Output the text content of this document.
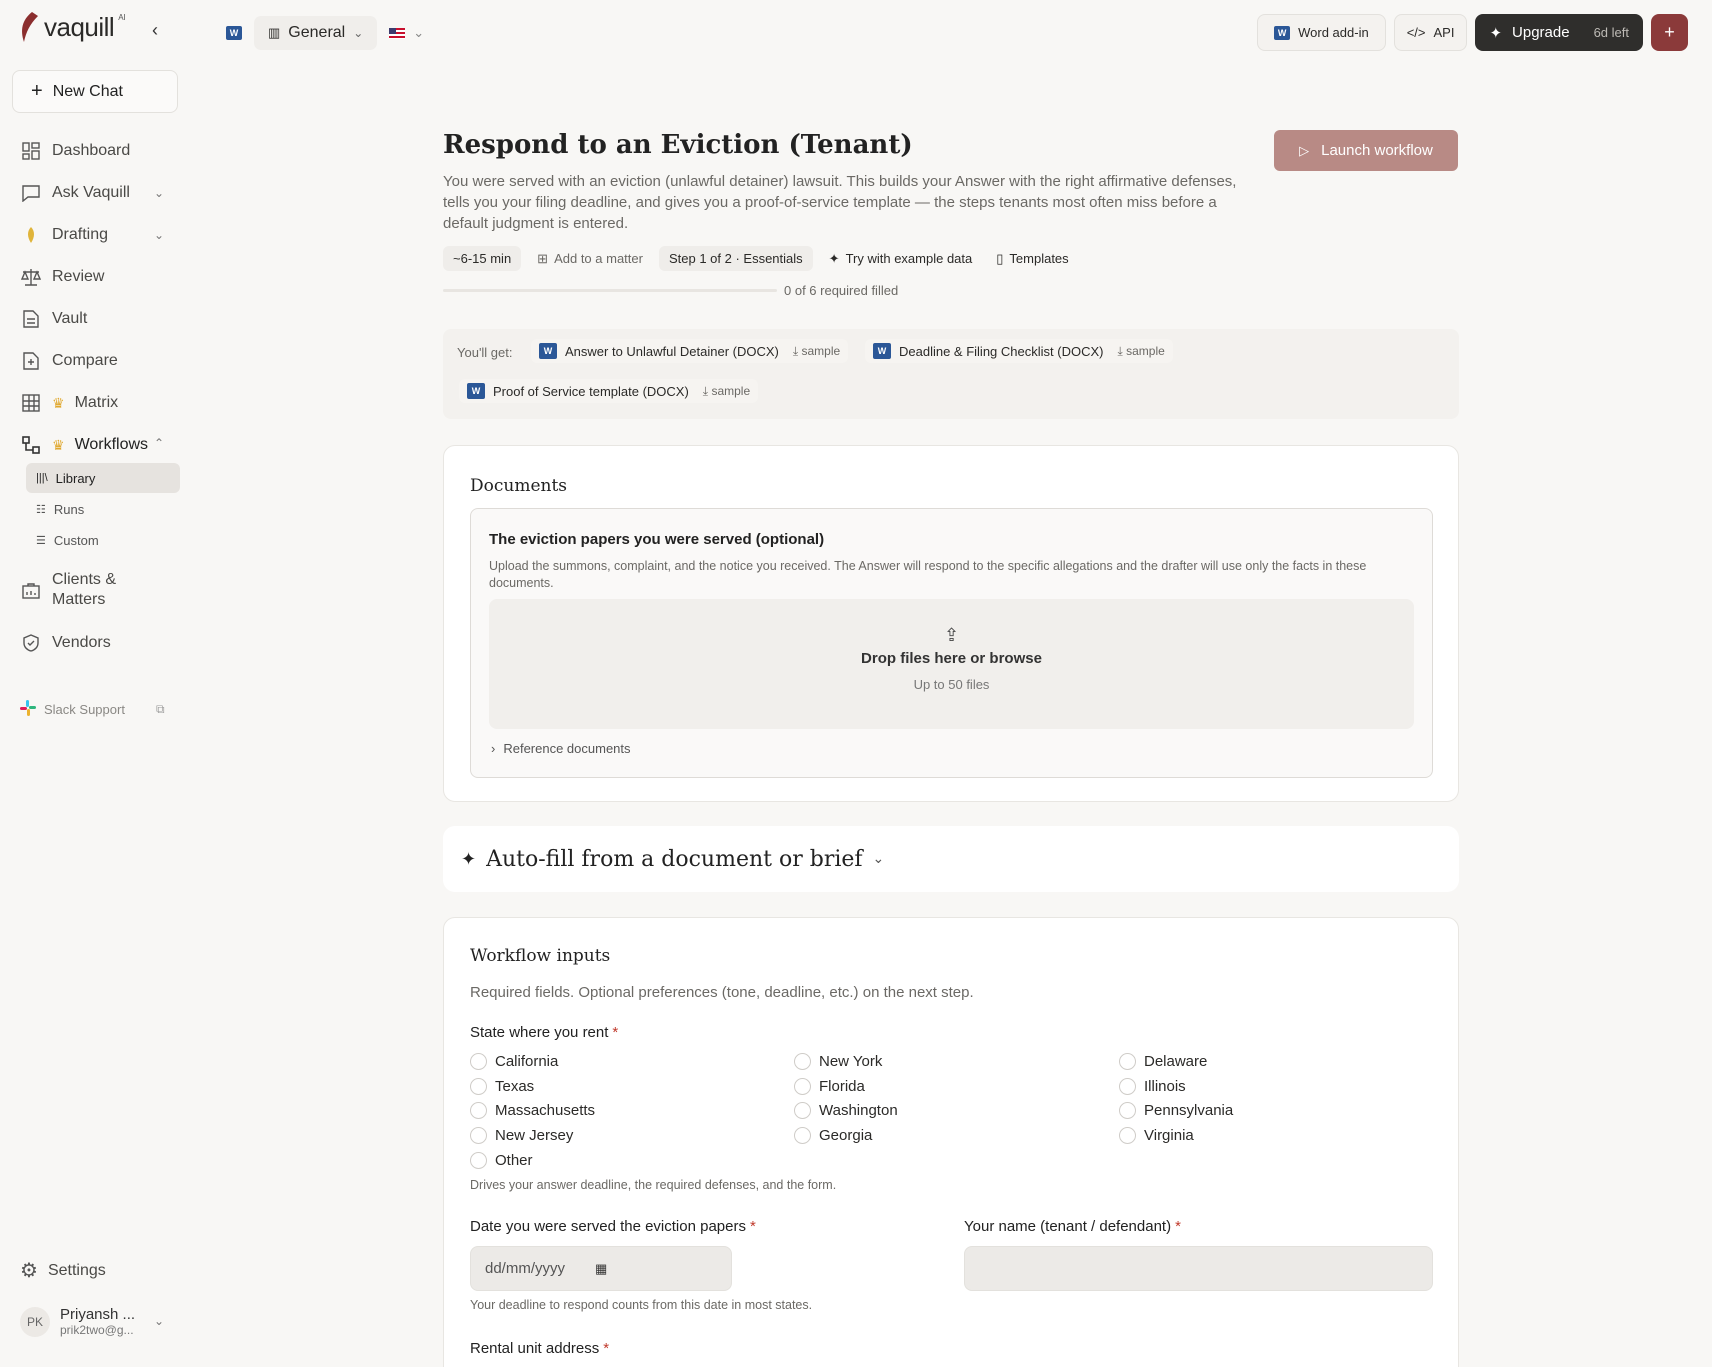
vaquill AI
‹
+ New Chat
Dashboard
Ask Vaquill ⌄
Drafting	⌄
Review
Vault
Compare
♛ Matrix
♛ Workflows ⌃
|||\ Library
☷ Runs
☰ Custom
Clients & Matters
Vendors
Slack Support	⧉
⚙ Settings
PK	Priyansh ...
prik2two@g...
⌄
W ▥ General ⌄	⌄	W Word add-in	</> API ✦ Upgrade 6d left +
Respond to an Eviction (Tenant)

You were served with an eviction (unlawful detainer) lawsuit. This builds your Answer with the right affirmative defenses, tells you your filing deadline, and gives you a proof-of-service template — the steps tenants most often miss before a default judgment is entered.

▷ Launch workflow
~6-15 min	⊞ Add to a matter	Step 1 of 2 · Essentials	✦ Try with example data ▯ Templates
0 of 6 required filled
You'll get:	W Answer to Unlawful Detainer (DOCX) ⤓ sample	W Deadline & Filing Checklist (DOCX) ⤓ sample
W Proof of Service template (DOCX) ⤓ sample
Documents
The eviction papers you were served (optional)
Upload the summons, complaint, and the notice you received. The Answer will respond to the specific allegations and the drafter will use only the facts in these documents.
⇪
Drop files here or browse
Up to 50 files
› Reference documents
✦ Auto-fill from a document or brief ⌄
Workflow inputs
Required fields. Optional preferences (tone, deadline, etc.) on the next step.
State where you rent *
California	New York	Delaware
Texas	Florida	Illinois
Massachusetts	Washington	Pennsylvania
New Jersey	Georgia	Virginia
Other
Drives your answer deadline, the required defenses, and the form.
Date you were served the eviction papers *
dd/mm/yyyy ▦
Your deadline to respond counts from this date in most states.
Your name (tenant / defendant) *
Rental unit address *
